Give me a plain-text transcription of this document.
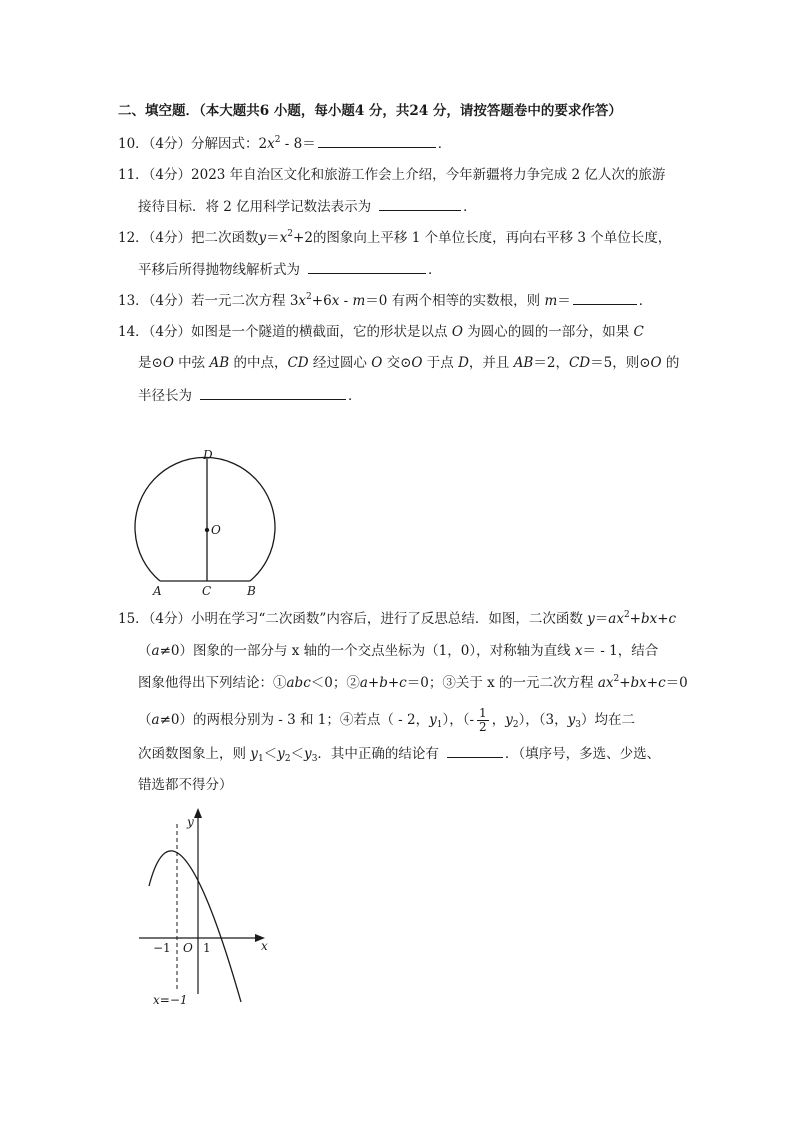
二、填空题．（本大题共6 小题，每小题4 分，共24 分，请按答题卷中的要求作答）
10．（4分）分解因式：$2x^2 - 8=$	．
11．（4分）2023 年自治区文化和旅游工作会上介绍，今年新疆将力争完成 2 亿人次的旅游
接待目标．将 2 亿用科学记数法表示为	．
12．（4分）把二次函数$y=x^2+2$的图象向上平移 1 个单位长度，再向右平移 3 个单位长度，
平移后所得抛物线解析式为	．
13．（4分）若一元二次方程 $3x^2+6x - m=0$ 有两个相等的实数根，则 m＝	．
14．（4分）如图是一个隧道的横截面，它的形状是以点 O 为圆心的圆的一部分，如果 C
是⊙O 中弦 AB 的中点，CD 经过圆心 O 交⊙O 于点 D，并且 AB＝2，CD＝5，则⊙O 的
半径长为	．
D
O
A	C	B
15．（4分）小明在学习“二次函数”内容后，进行了反思总结．如图，二次函数 $y=ax^2+bx+c$
（a≠0）图象的一部分与 x 轴的一个交点坐标为（1，0），对称轴为直线 x＝ - 1，结合
图象他得出下列结论：①abc＜0；②a+b+c＝0；③关于 x 的一元二次方程 $ax^2+bx+c=0$
（a≠0）的两根分别为 - 3 和 1；④若点（ - 2，$y_1$），（- $\frac{1}{2}$ ，$y_2$），（3，$y_3$）均在二
次函数图象上，则 $y_1<y_2<y_3$．其中正确的结论有	．（填序号，多选、少选、
错选都不得分）
y
x
O
−1	1
x=−1
